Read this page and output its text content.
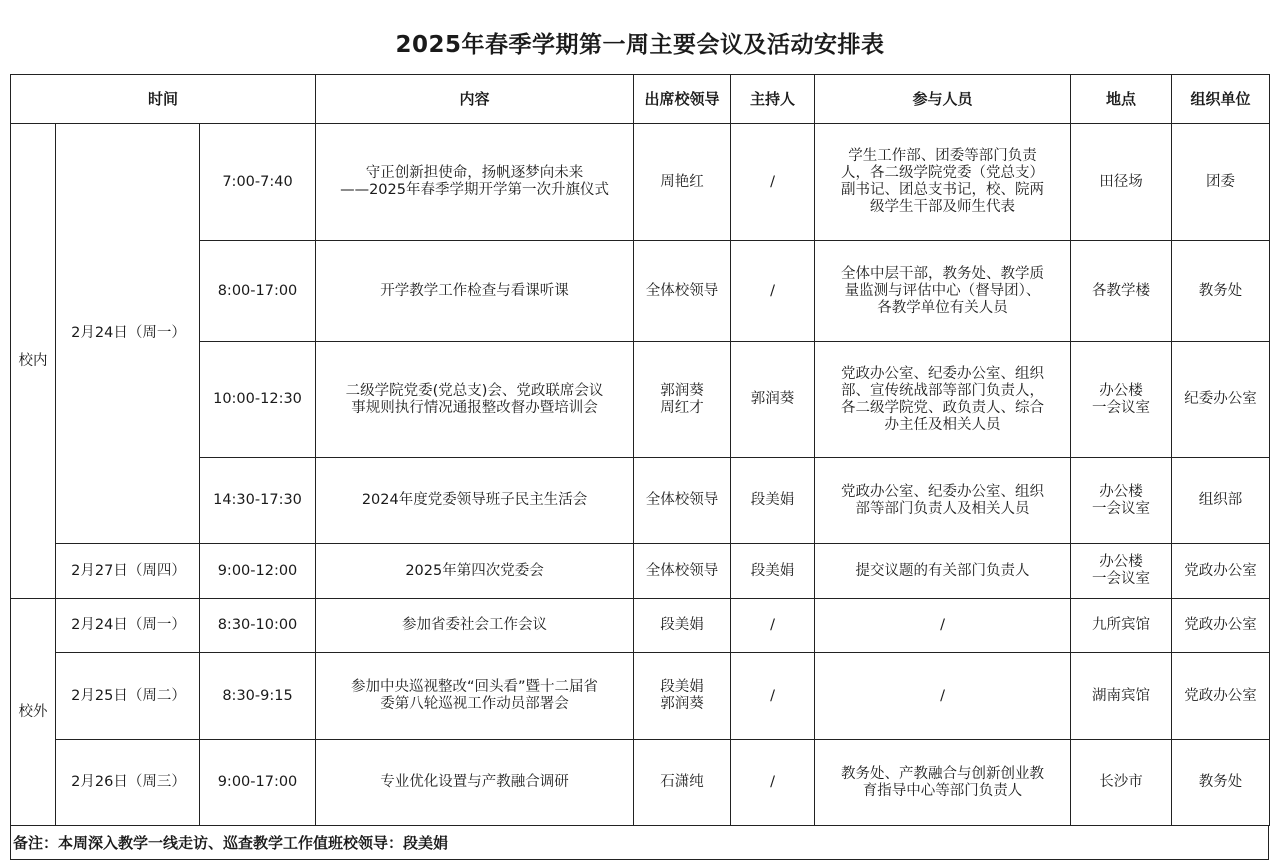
2025年春季学期第一周主要会议及活动安排表
时间			内容	出席校领导	主持人	参与人员	地点	组织单位
校内	2月24日（周一）	7:00-7:40	守正创新担使命，扬帆逐梦向未来
——2025年春季学期开学第一次升旗仪式	周艳红	/	学生工作部、团委等部门负责
人，各二级学院党委（党总支）
副书记、团总支书记，校、院两
级学生干部及师生代表	田径场	团委
		8:00-17:00	开学教学工作检查与看课听课	全体校领导	/	全体中层干部，教务处、教学质
量监测与评估中心（督导团）、
各教学单位有关人员	各教学楼	教务处
		10:00-12:30	二级学院党委(党总支)会、党政联席会议
事规则执行情况通报整改督办暨培训会	郭润葵
周红才	郭润葵	党政办公室、纪委办公室、组织
部、宣传统战部等部门负责人，
各二级学院党、政负责人、综合
办主任及相关人员	办公楼
一会议室	纪委办公室
		14:30-17:30	2024年度党委领导班子民主生活会	全体校领导	段美娟	党政办公室、纪委办公室、组织
部等部门负责人及相关人员	办公楼
一会议室	组织部
	2月27日（周四）	9:00-12:00	2025年第四次党委会	全体校领导	段美娟	提交议题的有关部门负责人	办公楼
一会议室	党政办公室
校外	2月24日（周一）	8:30-10:00	参加省委社会工作会议	段美娟	/	/	九所宾馆	党政办公室
	2月25日（周二）	8:30-9:15	参加中央巡视整改“回头看”暨十二届省
委第八轮巡视工作动员部署会	段美娟
郭润葵	/	/	湖南宾馆	党政办公室
	2月26日（周三）	9:00-17:00	专业优化设置与产教融合调研	石潇纯	/	教务处、产教融合与创新创业教
育指导中心等部门负责人	长沙市	教务处
备注：本周深入教学一线走访、巡查教学工作值班校领导：段美娟
